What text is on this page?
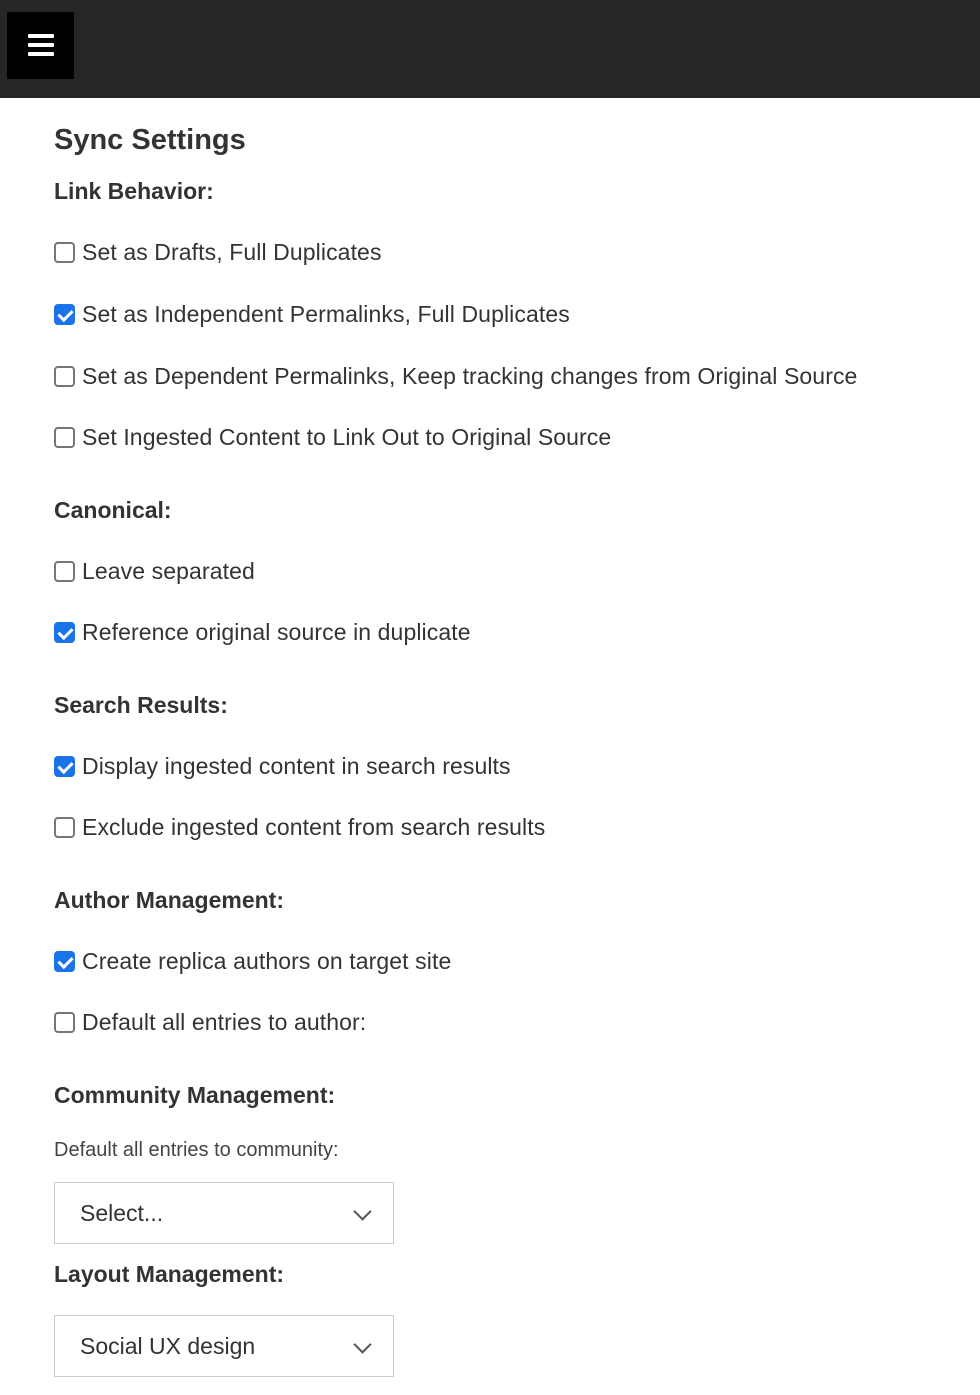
Sync Settings
Link Behavior:
Set as Drafts, Full Duplicates
Set as Independent Permalinks, Full Duplicates
Set as Dependent Permalinks, Keep tracking changes from Original Source
Set Ingested Content to Link Out to Original Source
Canonical:
Leave separated
Reference original source in duplicate
Search Results:
Display ingested content in search results
Exclude ingested content from search results
Author Management:
Create replica authors on target site
Default all entries to author:
Community Management:
Default all entries to community:
Select...
Layout Management:
Social UX design
